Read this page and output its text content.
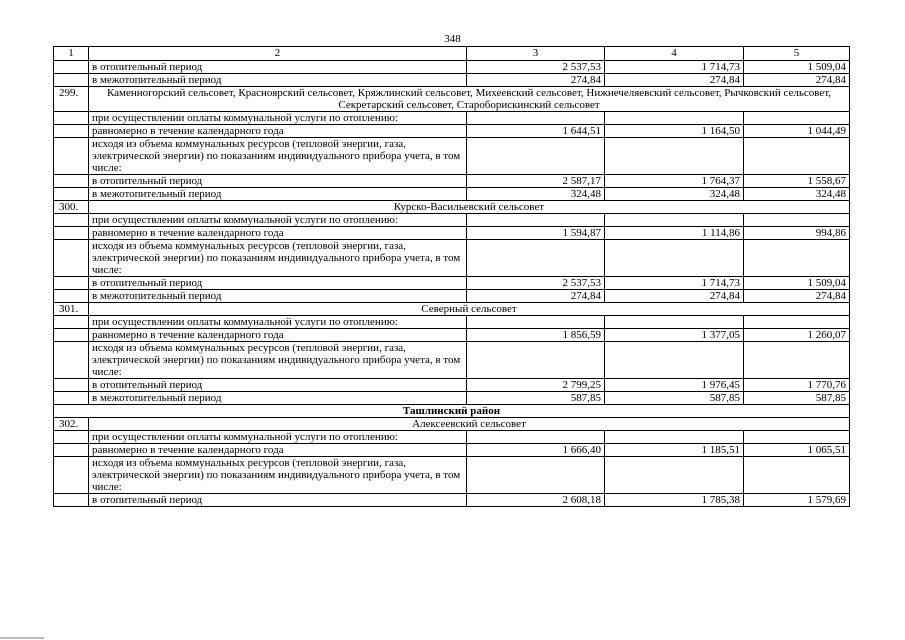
348
1	2	3	4	5
	в отопительный период	2 537,53	1 714,73	1 509,04
	в межотопительный период	274,84	274,84	274,84
299.	Каменногорский сельсовет, Красноярский сельсовет, Кряжлинский сельсовет, Михеевский сельсовет, Нижнечеляевский сельсовет, Рычковский сельсовет, Секретарский сельсовет, Староборискинский сельсовет			
	при осуществлении оплаты коммунальной услуги по отоплению:			
	равномерно в течение календарного года	1 644,51	1 164,50	1 044,49
	исходя из объема коммунальных ресурсов (тепловой энергии, газа, электрической энергии) по показаниям индивидуального прибора учета, в том числе:			
	в отопительный период	2 587,17	1 764,37	1 558,67
	в межотопительный период	324,48	324,48	324,48
300.	Курско-Васильевский сельсовет			
	при осуществлении оплаты коммунальной услуги по отоплению:			
	равномерно в течение календарного года	1 594,87	1 114,86	994,86
	исходя из объема коммунальных ресурсов (тепловой энергии, газа, электрической энергии) по показаниям индивидуального прибора учета, в том числе:			
	в отопительный период	2 537,53	1 714,73	1 509,04
	в межотопительный период	274,84	274,84	274,84
301.	Северный сельсовет			
	при осуществлении оплаты коммунальной услуги по отоплению:			
	равномерно в течение календарного года	1 856,59	1 377,05	1 260,07
	исходя из объема коммунальных ресурсов (тепловой энергии, газа, электрической энергии) по показаниям индивидуального прибора учета, в том числе:			
	в отопительный период	2 799,25	1 976,45	1 770,76
	в межотопительный период	587,85	587,85	587,85
Ташлинский район				
302.	Алексеевский сельсовет			
	при осуществлении оплаты коммунальной услуги по отоплению:			
	равномерно в течение календарного года	1 666,40	1 185,51	1 065,51
	исходя из объема коммунальных ресурсов (тепловой энергии, газа, электрической энергии) по показаниям индивидуального прибора учета, в том числе:			
	в отопительный период	2 608,18	1 785,38	1 579,69
